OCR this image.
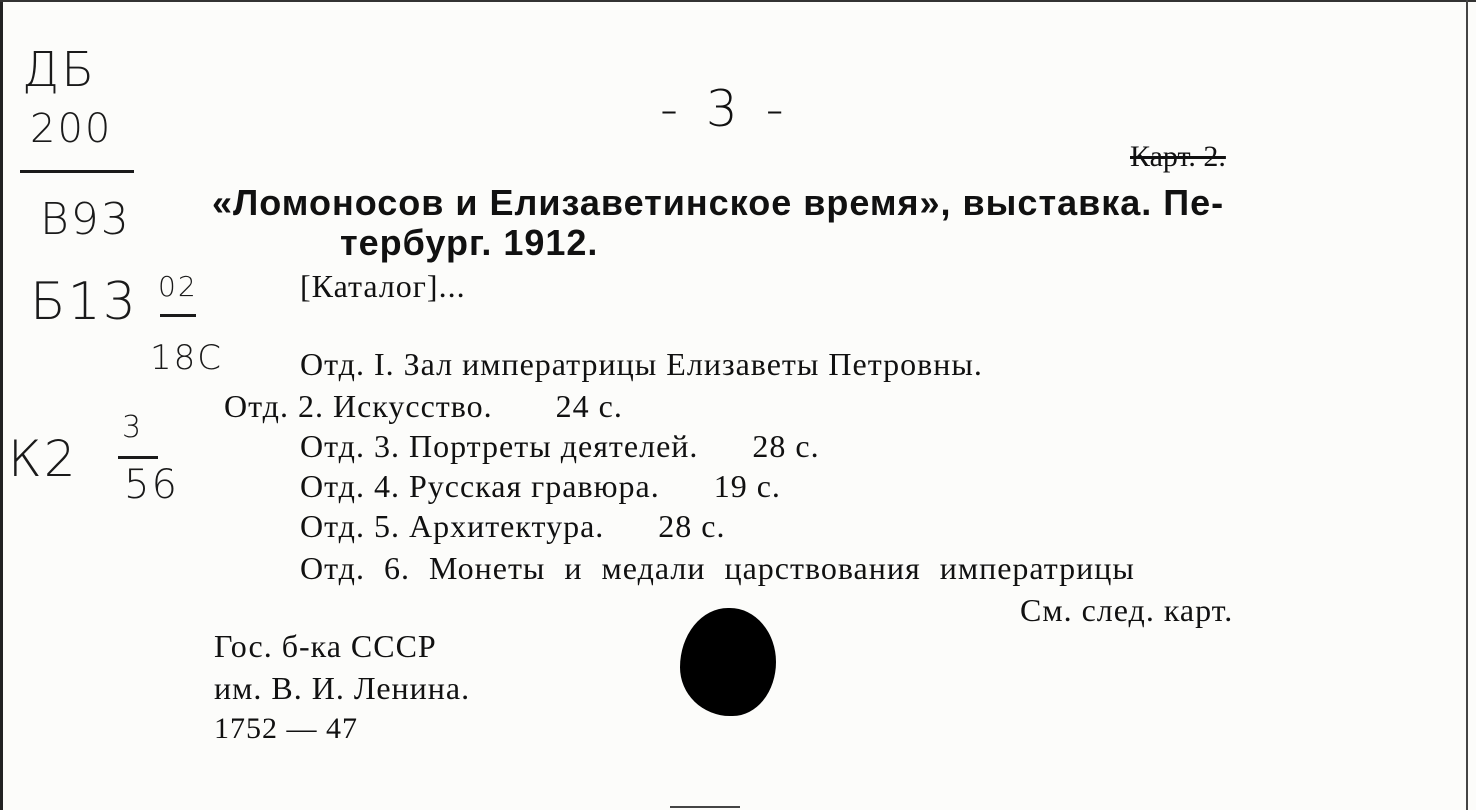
ДБ
200
В93
Б13 02
18С
К2
3
56
- 3 -
Карт. 2.
«Ломоносов и Елизаветинское время», выставка. Пе-
тербург. 1912.
[Каталог]...
Отд. I. Зал императрицы Елизаветы Петровны.
Отд. 2. Искусство.       24 с.
Отд. 3. Портреты деятелей.      28 с.
Отд. 4. Русская гравюра.      19 с.
Отд. 5. Архитектура.      28 с.
Отд. 6. Монеты и медали царствования императрицы
См. след. карт.
Гос. б-ка СССР
им. В. И. Ленина.
1752 — 47
